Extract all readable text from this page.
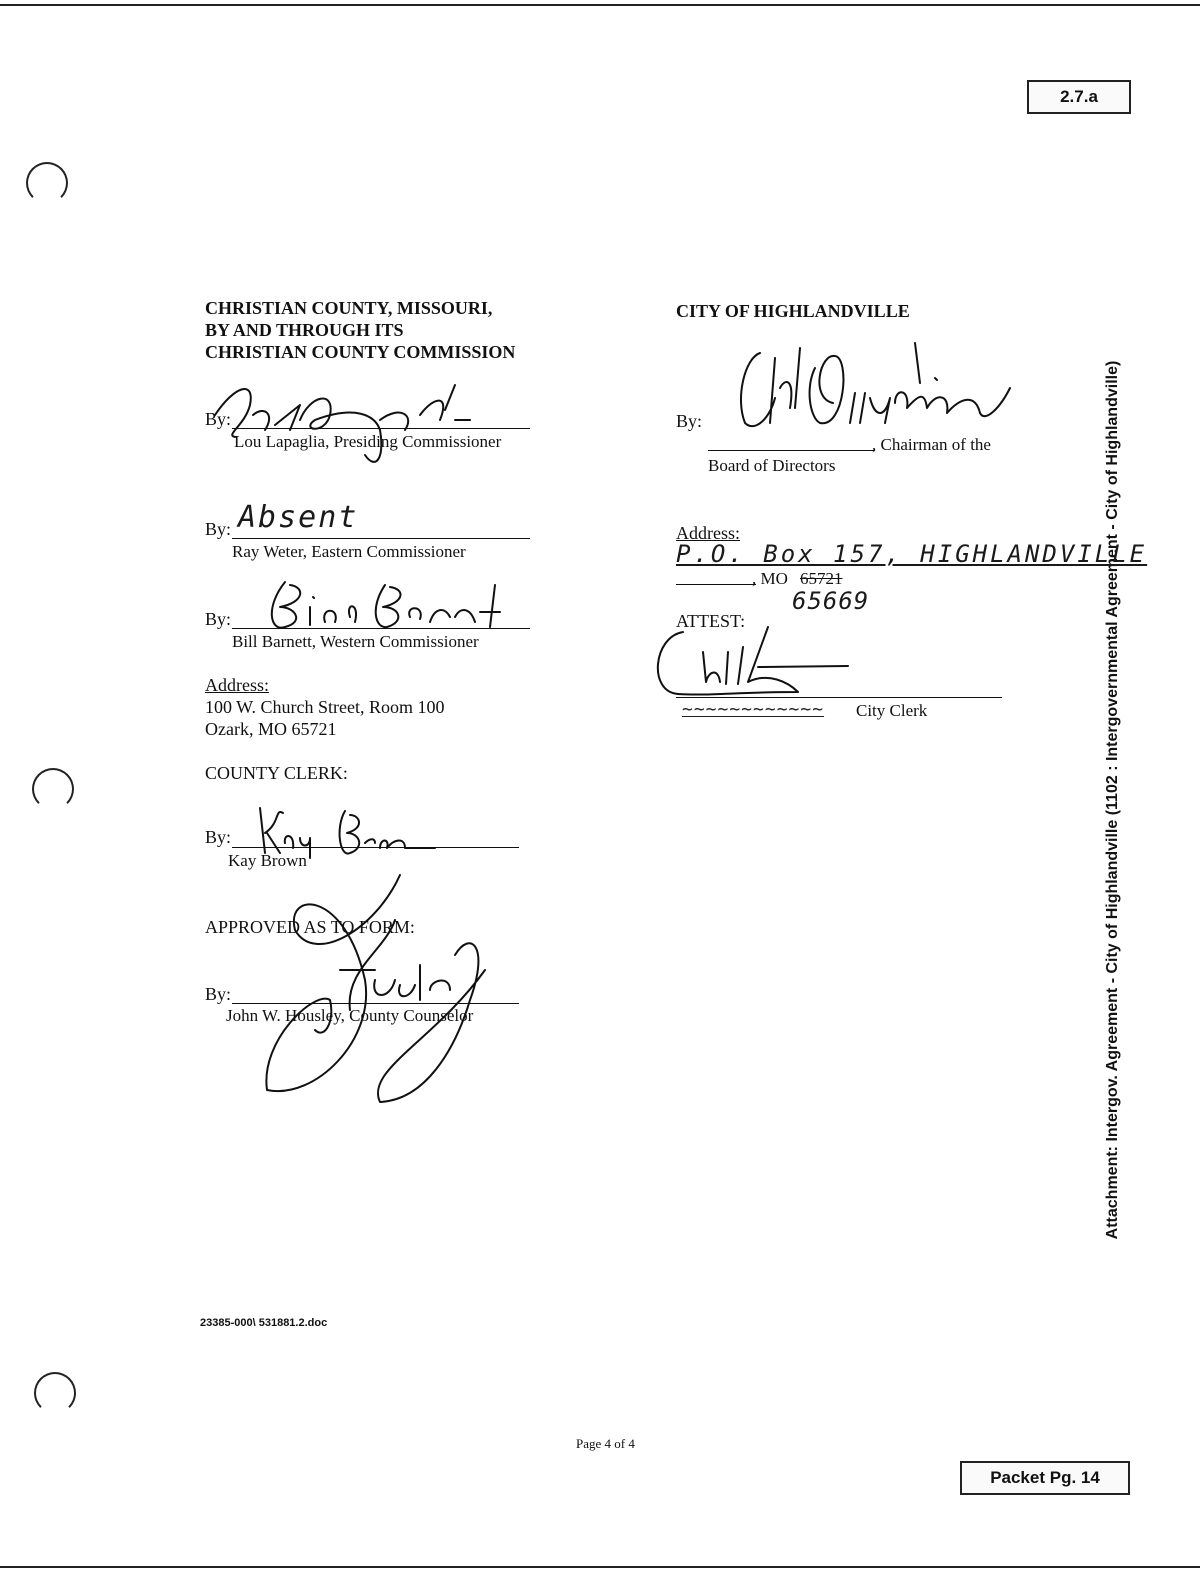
2.7.a
Attachment: Intergov. Agreement - City of Highlandville (1102 : Intergovernmental Agreement - City of Highlandville)
CHRISTIAN COUNTY, MISSOURI,
BY AND THROUGH ITS
CHRISTIAN COUNTY COMMISSION
By:
Lou Lapaglia, Presiding Commissioner
By:
Ray Weter, Eastern Commissioner
Absent
By:
Bill Barnett, Western Commissioner
Address:
100 W. Church Street, Room 100
Ozark, MO 65721
COUNTY CLERK:
By:
Kay Brown
APPROVED AS TO FORM:
By:
John W. Housley, County Counselor
CITY OF HIGHLANDVILLE
By:
, Chairman of the
Board of Directors
Address:
P.O. Box 157, HIGHLANDVILLE
, MO 65721
65669
ATTEST:
~~~~~~~~~~~~ City Clerk
23385-000\ 531881.2.doc
Page 4 of 4
Packet Pg. 14
